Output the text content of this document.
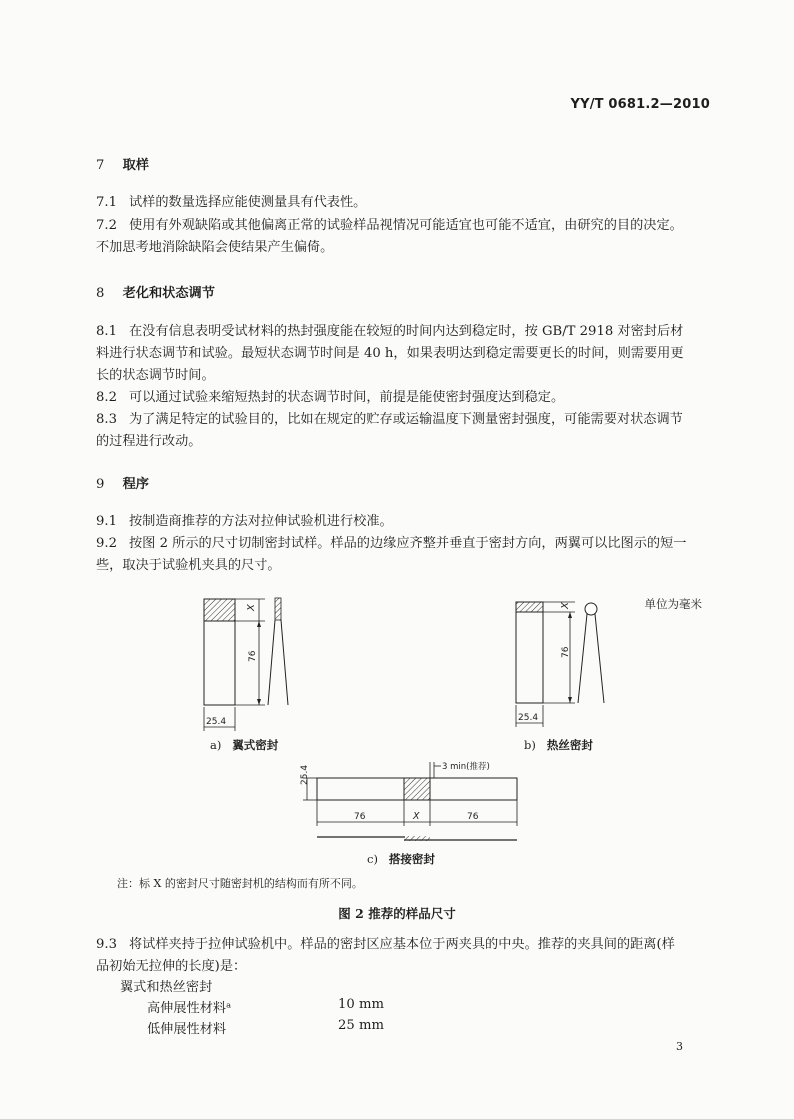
YY/T 0681.2—2010
7 取样
7.1 试样的数量选择应能使测量具有代表性。
7.2 使用有外观缺陷或其他偏离正常的试验样品视情况可能适宜也可能不适宜，由研究的目的决定。
不加思考地消除缺陷会使结果产生偏倚。
8 老化和状态调节
8.1 在没有信息表明受试材料的热封强度能在较短的时间内达到稳定时，按 GB/T 2918 对密封后材
料进行状态调节和试验。最短状态调节时间是 40 h，如果表明达到稳定需要更长的时间，则需要用更
长的状态调节时间。
8.2 可以通过试验来缩短热封的状态调节时间，前提是能使密封强度达到稳定。
8.3 为了满足特定的试验目的，比如在规定的贮存或运输温度下测量密封强度，可能需要对状态调节
的过程进行改动。
9 程序
9.1 按制造商推荐的方法对拉伸试验机进行校准。
9.2 按图 2 所示的尺寸切制密封试样。样品的边缘应齐整并垂直于密封方向，两翼可以比图示的短一
些，取决于试验机夹具的尺寸。
单位为毫米
X
76
25.4
X
76
25.4
3 min(推荐)
25.4
76	X	76
a) 翼式密封	b) 热丝密封
c) 搭接密封
注：标 X 的密封尺寸随密封机的结构而有所不同。
图 2 推荐的样品尺寸
9.3 将试样夹持于拉伸试验机中。样品的密封区应基本位于两夹具的中央。推荐的夹具间的距离(样
品初始无拉伸的长度)是：
翼式和热丝密封
高伸展性材料ᵃ	10 mm
低伸展性材料	25 mm
3
